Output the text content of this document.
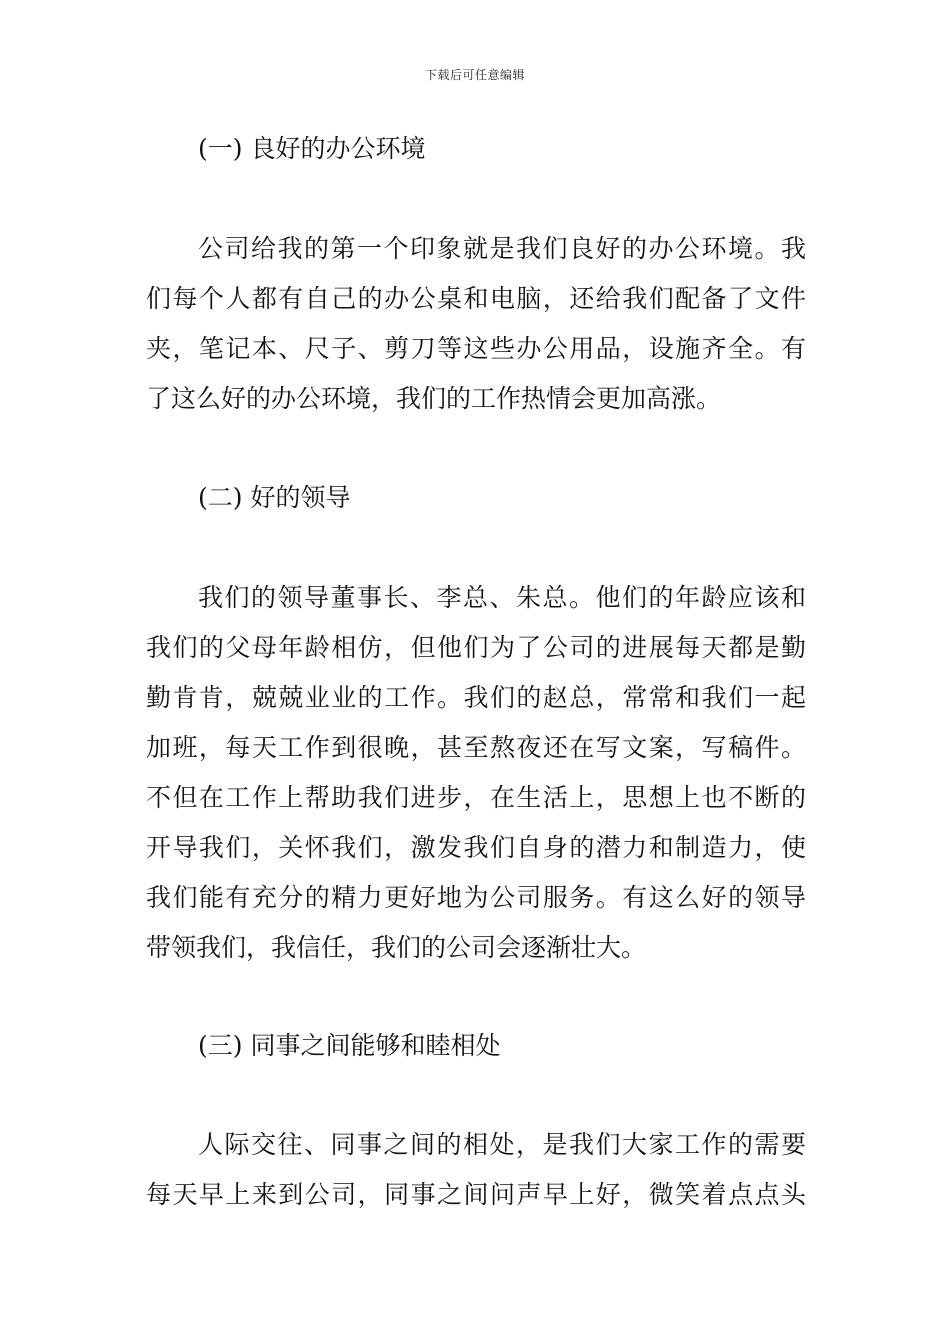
下载后可任意编辑
(一) 良好的办公环境
公司给我的第一个印象就是我们良好的办公环境。我
们每个人都有自己的办公桌和电脑，还给我们配备了文件
夹，笔记本、尺子、剪刀等这些办公用品，设施齐全。有
了这么好的办公环境，我们的工作热情会更加高涨。
(二) 好的领导
我们的领导董事长、李总、朱总。他们的年龄应该和
我们的父母年龄相仿，但他们为了公司的进展每天都是勤
勤肯肯，兢兢业业的工作。我们的赵总，常常和我们一起
加班，每天工作到很晚，甚至熬夜还在写文案，写稿件。
不但在工作上帮助我们进步，在生活上，思想上也不断的
开导我们，关怀我们，激发我们自身的潜力和制造力，使
我们能有充分的精力更好地为公司服务。有这么好的领导
带领我们，我信任，我们的公司会逐渐壮大。
(三) 同事之间能够和睦相处
人际交往、同事之间的相处，是我们大家工作的需要
每天早上来到公司，同事之间问声早上好，微笑着点点头
